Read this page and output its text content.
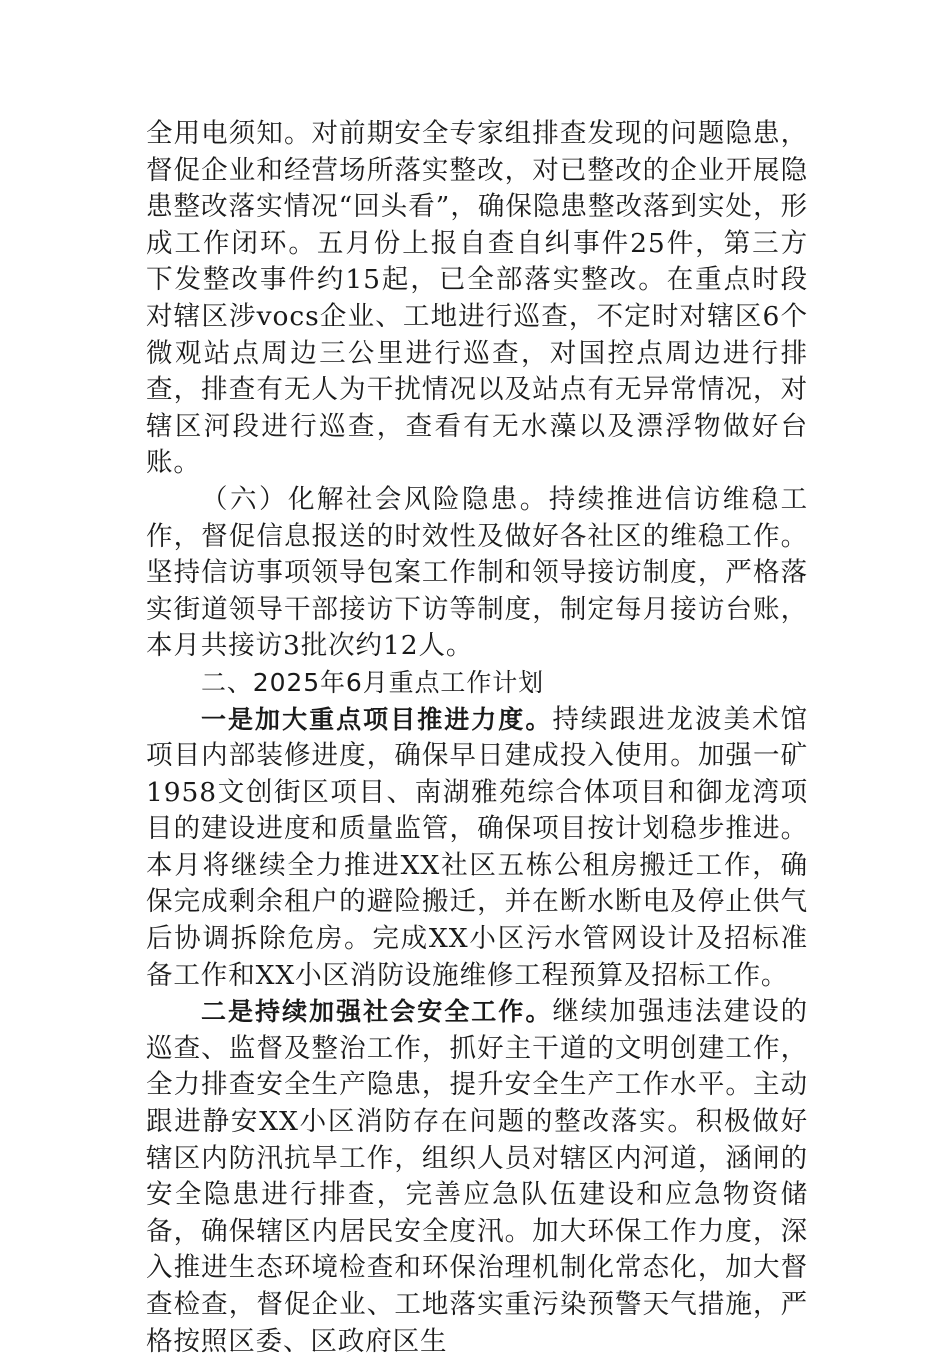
全用电须知。对前期安全专家组排查发现的问题隐患，督促企业和经营场所落实整改，对已整改的企业开展隐患整改落实情况“回头看”，确保隐患整改落到实处，形成工作闭环。五月份上报自查自纠事件25件，第三方下发整改事件约15起，已全部落实整改。在重点时段对辖区涉vocs企业、工地进行巡查，不定时对辖区6个微观站点周边三公里进行巡查，对国控点周边进行排查，排查有无人为干扰情况以及站点有无异常情况，对辖区河段进行巡查，查看有无水藻以及漂浮物做好台账。

（六）化解社会风险隐患。持续推进信访维稳工作，督促信息报送的时效性及做好各社区的维稳工作。坚持信访事项领导包案工作制和领导接访制度，严格落实街道领导干部接访下访等制度，制定每月接访台账，本月共接访3批次约12人。

二、2025年6月重点工作计划

一是加大重点项目推进力度。持续跟进龙波美术馆项目内部装修进度，确保早日建成投入使用。加强一矿1958文创街区项目、南湖雅苑综合体项目和御龙湾项目的建设进度和质量监管，确保项目按计划稳步推进。本月将继续全力推进XX社区五栋公租房搬迁工作，确保完成剩余租户的避险搬迁，并在断水断电及停止供气后协调拆除危房。完成XX小区污水管网设计及招标准备工作和XX小区消防设施维修工程预算及招标工作。

二是持续加强社会安全工作。继续加强违法建设的巡查、监督及整治工作，抓好主干道的文明创建工作，全力排查安全生产隐患，提升安全生产工作水平。主动跟进静安XX小区消防存在问题的整改落实。积极做好辖区内防汛抗旱工作，组织人员对辖区内河道，涵闸的安全隐患进行排查，完善应急队伍建设和应急物资储备，确保辖区内居民安全度汛。加大环保工作力度，深入推进生态环境检查和环保治理机制化常态化，加大督查检查，督促企业、工地落实重污染预警天气措施，严格按照区委、区政府区生
